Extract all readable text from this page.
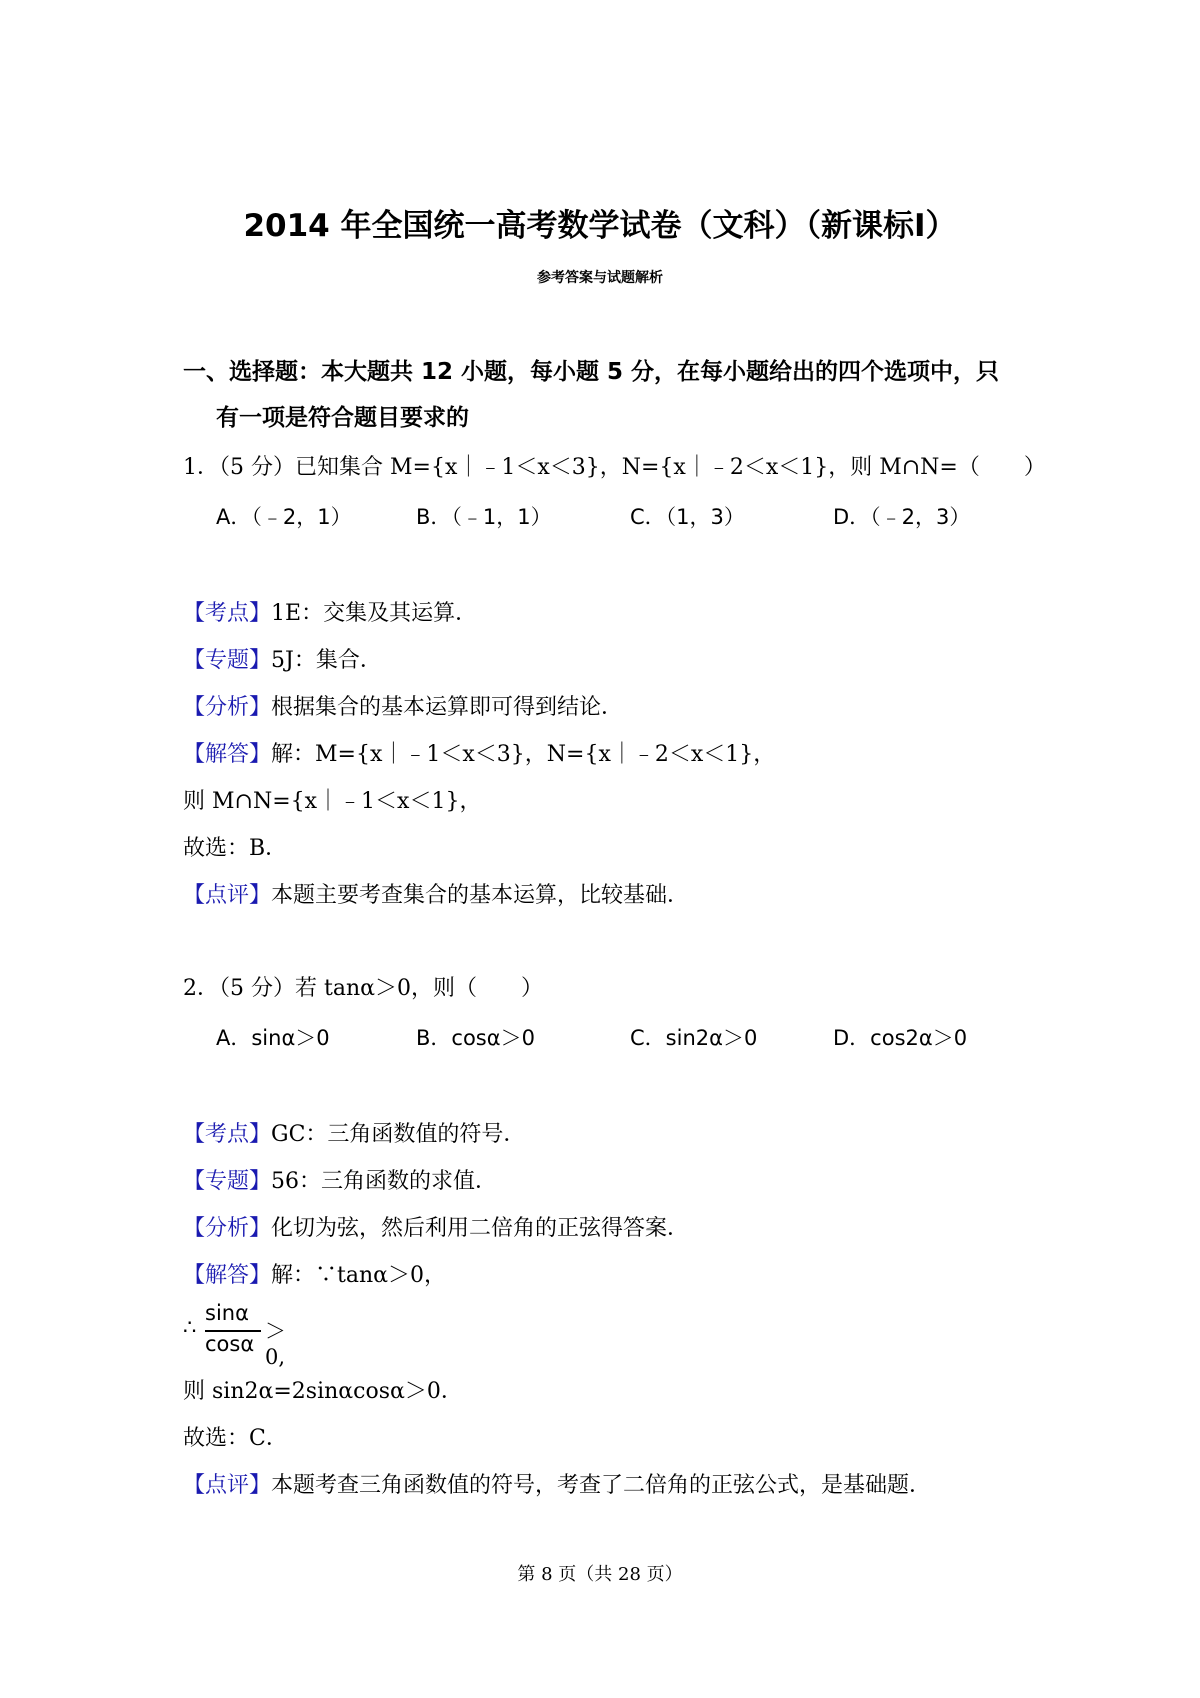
2014 年全国统一高考数学试卷（文科）（新课标Ⅰ）
参考答案与试题解析
一、选择题：本大题共 12 小题，每小题 5 分，在每小题给出的四个选项中，只
有一项是符合题目要求的
1．（5 分）已知集合 M={x｜﹣1＜x＜3}，N={x｜﹣2＜x＜1}，则 M∩N=（　　）
A．（﹣2，1）	B．（﹣1，1）	C．（1，3）	D．（﹣2，3）
【考点】1E：交集及其运算．
【专题】5J：集合．
【分析】根据集合的基本运算即可得到结论．
【解答】解：M={x｜﹣1＜x＜3}，N={x｜﹣2＜x＜1}，
则 M∩N={x｜﹣1＜x＜1}，
故选：B．
【点评】本题主要考查集合的基本运算，比较基础．
2．（5 分）若 tanα＞0，则（　　）
A．sinα＞0	B．cosα＞0	C．sin2α＞0	D．cos2α＞0
【考点】GC：三角函数值的符号．
【专题】56：三角函数的求值．
【分析】化切为弦，然后利用二倍角的正弦得答案．
【解答】解：∵tanα＞0，
∴
sinα
cosα
＞0,
则 sin2α=2sinαcosα＞0．
故选：C．
【点评】本题考查三角函数值的符号，考查了二倍角的正弦公式，是基础题．
第 8 页（共 28 页）
